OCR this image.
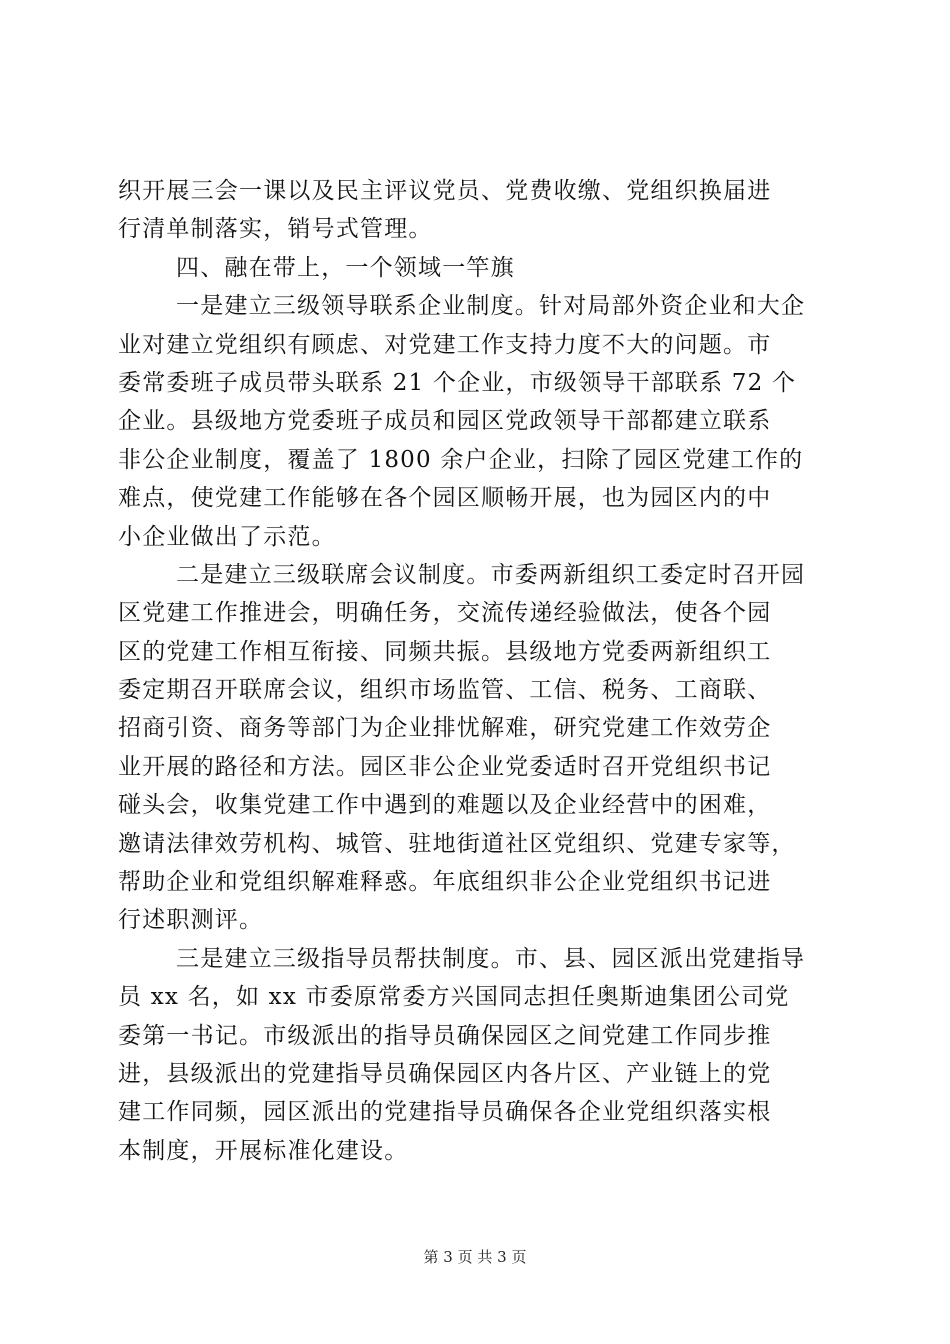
织开展三会一课以及民主评议党员、党费收缴、党组织换届进
行清单制落实，销号式管理。
四、融在带上，一个领域一竿旗
一是建立三级领导联系企业制度。针对局部外资企业和大企
业对建立党组织有顾虑、对党建工作支持力度不大的问题。市
委常委班子成员带头联系 21 个企业，市级领导干部联系 72 个
企业。县级地方党委班子成员和园区党政领导干部都建立联系
非公企业制度，覆盖了 1800 余户企业，扫除了园区党建工作的
难点，使党建工作能够在各个园区顺畅开展，也为园区内的中
小企业做出了示范。
二是建立三级联席会议制度。市委两新组织工委定时召开园
区党建工作推进会，明确任务，交流传递经验做法，使各个园
区的党建工作相互衔接、同频共振。县级地方党委两新组织工
委定期召开联席会议，组织市场监管、工信、税务、工商联、
招商引资、商务等部门为企业排忧解难，研究党建工作效劳企
业开展的路径和方法。园区非公企业党委适时召开党组织书记
碰头会，收集党建工作中遇到的难题以及企业经营中的困难，
邀请法律效劳机构、城管、驻地街道社区党组织、党建专家等，
帮助企业和党组织解难释惑。年底组织非公企业党组织书记进
行述职测评。
三是建立三级指导员帮扶制度。市、县、园区派出党建指导
员 xx 名，如 xx 市委原常委方兴国同志担任奥斯迪集团公司党
委第一书记。市级派出的指导员确保园区之间党建工作同步推
进，县级派出的党建指导员确保园区内各片区、产业链上的党
建工作同频，园区派出的党建指导员确保各企业党组织落实根
本制度，开展标准化建设。
第 3 页 共 3 页
